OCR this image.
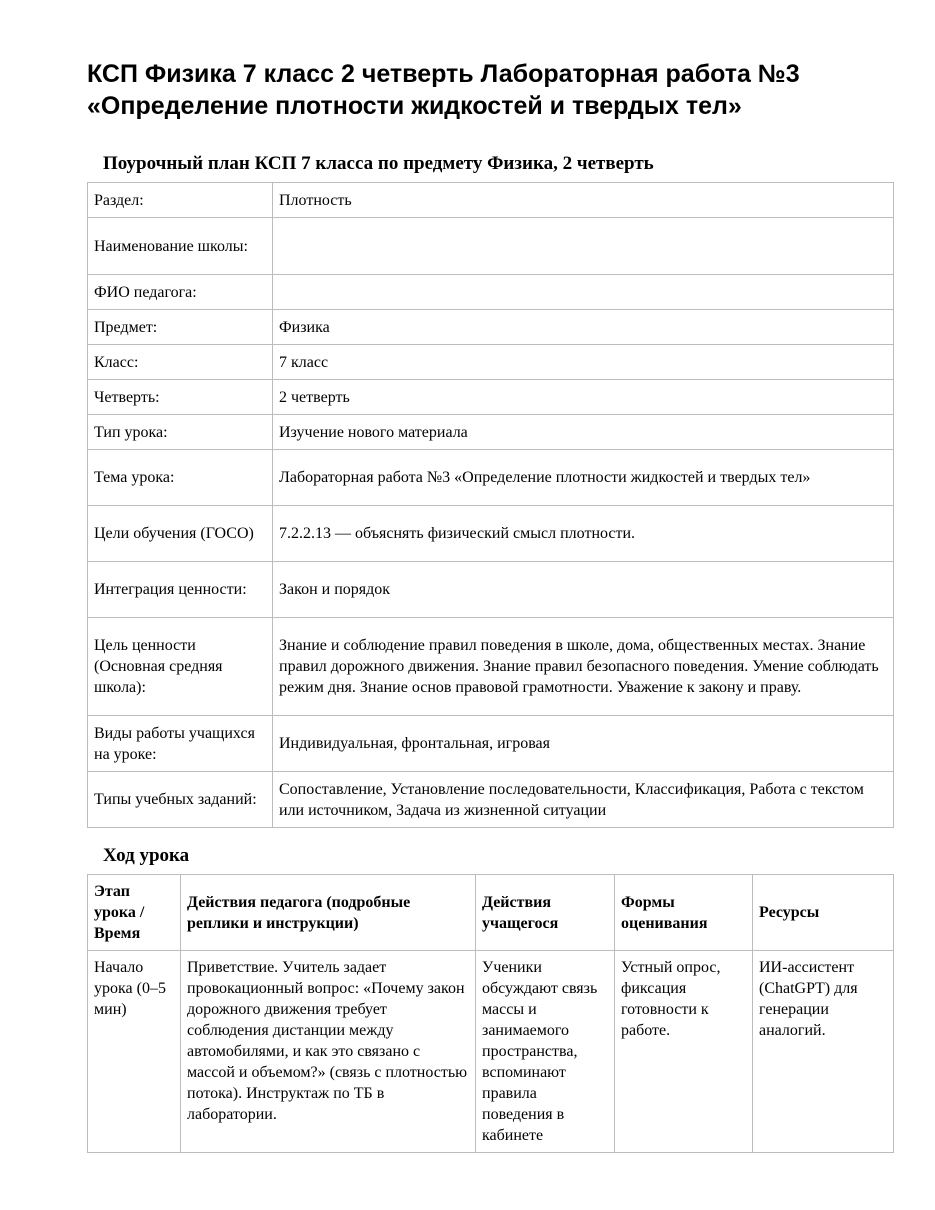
КСП Физика 7 класс 2 четверть Лабораторная работа №3 «Определение плотности жидкостей и твердых тел»
Поурочный план КСП 7 класса по предмету Физика, 2 четверть
Раздел:	Плотность
Наименование школы:	
ФИО педагога:	
Предмет:	Физика
Класс:	7 класс
Четверть:	2 четверть
Тип урока:	Изучение нового материала
Тема урока:	Лабораторная работа №3 «Определение плотности жидкостей и твердых тел»
Цели обучения (ГОСО)	7.2.2.13 — объяснять физический смысл плотности.
Интеграция ценности:	Закон и порядок
Цель ценности (Основная средняя школа):	Знание и соблюдение правил поведения в школе, дома, общественных местах. Знание правил дорожного движения. Знание правил безопасного поведения. Умение соблюдать режим дня. Знание основ правовой грамотности. Уважение к закону и праву.
Виды работы учащихся на уроке:	Индивидуальная, фронтальная, игровая
Типы учебных заданий:	Сопоставление, Установление последовательности, Классификация, Работа с текстом или источником, Задача из жизненной ситуации
Ход урока
Этап урока / Время	Действия педагога (подробные реплики и инструкции)	Действия учащегося	Формы оценивания	Ресурсы
Начало урока (0–5 мин)	Приветствие. Учитель задает провокационный вопрос: «Почему закон дорожного движения требует соблюдения дистанции между автомобилями, и как это связано с массой и объемом?» (связь с плотностью потока). Инструктаж по ТБ в лаборатории.	Ученики обсуждают связь массы и занимаемого пространства, вспоминают правила поведения в кабинете	Устный опрос, фиксация готовности к работе.	ИИ-ассистент (ChatGPT) для генерации аналогий.
